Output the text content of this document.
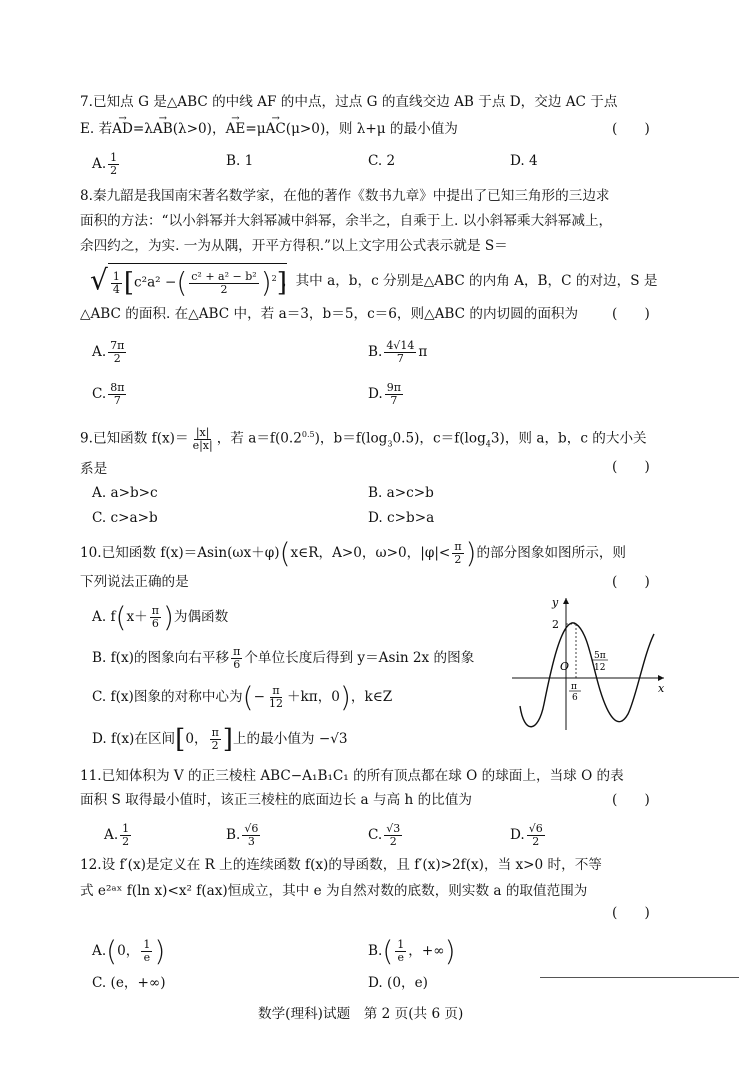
7.已知点 G 是△ABC 的中线 AF 的中点，过点 G 的直线交边 AB 于点 D，交边 AC 于点
E. 若→ AD=λ→ AB(λ>0)，→ AE=μ→ AC(μ>0)，则 λ+μ 的最小值为	(　　)
A. $\frac{1}{2}$	B. 1	C. 2	D. 4
8.秦九韶是我国南宋著名数学家，在他的著作《数书九章》中提出了已知三角形的三边求
面积的方法：“以小斜幂并大斜幂减中斜幂，余半之，自乘于上. 以小斜幂乘大斜幂减上，
余四约之，为实. 一为从隅，开平方得积.”以上文字用公式表示就是 S＝
√ $\frac{1}{4} [c^2a^2$ −( $\frac{\text{c² + a² − b²}}{2} )^2$]
，其中 a，b，c 分别是△ABC 的内角 A，B，C 的对边，S 是
△ABC 的面积. 在△ABC 中，若 a＝3，b＝5，c＝6，则△ABC 的内切圆的面积为 (　　)
A. $\frac{7\pi}{2}$	B. $\frac{4√14}{7}$ π
C. $\frac{8\pi}{7}$	D. $\frac{9\pi}{7}$
9.已知函数 $f(x)= \frac{|x|}{e|x|}$ ，若 $a=f(0.2^{0.5})$，$b=f(\log_30.5)$，$c=f(\log_43)$，则 a，b，c 的大小关
系是	(　　)
A. a>b>c	B. a>c>b
C. c>a>b	D. c>b>a
10.已知函数 f(x)＝Asin(ωx＋φ)(x∈R，A>0，ω>0，$|\varphi|< \frac{\pi}{2}$ )的部分图象如图所示，则
下列说法正确的是	(　　)
A. $f(x+ \frac{\pi}{6}$ )为偶函数
B. f(x)的图象向右平移 $\frac{\pi}{6}$ 个单位长度后得到 y＝Asin 2x 的图象
C. f(x)图象的对称中心为(− $\frac{\pi}{12} +k\pi$，0)，k∈Z
D. f(x)在区间[0， $\frac{\pi}{2}$ ]上的最小值为 −√3
y
x
O
2
π
6
5π
12
11.已知体积为 V 的正三棱柱 ABC−A₁B₁C₁ 的所有顶点都在球 O 的球面上，当球 O 的表
面积 S 取得最小值时，该正三棱柱的底面边长 a 与高 h 的比值为	(　　)
A. $\frac{1}{2}$	B. $\frac{√6}{3}$	C. $\frac{√3}{2}$	D. $\frac{√6}{2}$
12.设 f′(x)是定义在 R 上的连续函数 f(x)的导函数，且 f′(x)>2f(x)，当 x>0 时，不等
式 e²ᵃˣ f(ln x)<x² f(ax)恒成立，其中 e 为自然对数的底数，则实数 a 的取值范围为
(　　)
A.(0， $\frac{1}{e}$ )	$B.( \frac{1}{e}$ ，+∞)
C. (e，+∞)	D. (0，e)
数学(理科)试题　第 2 页(共 6 页)
